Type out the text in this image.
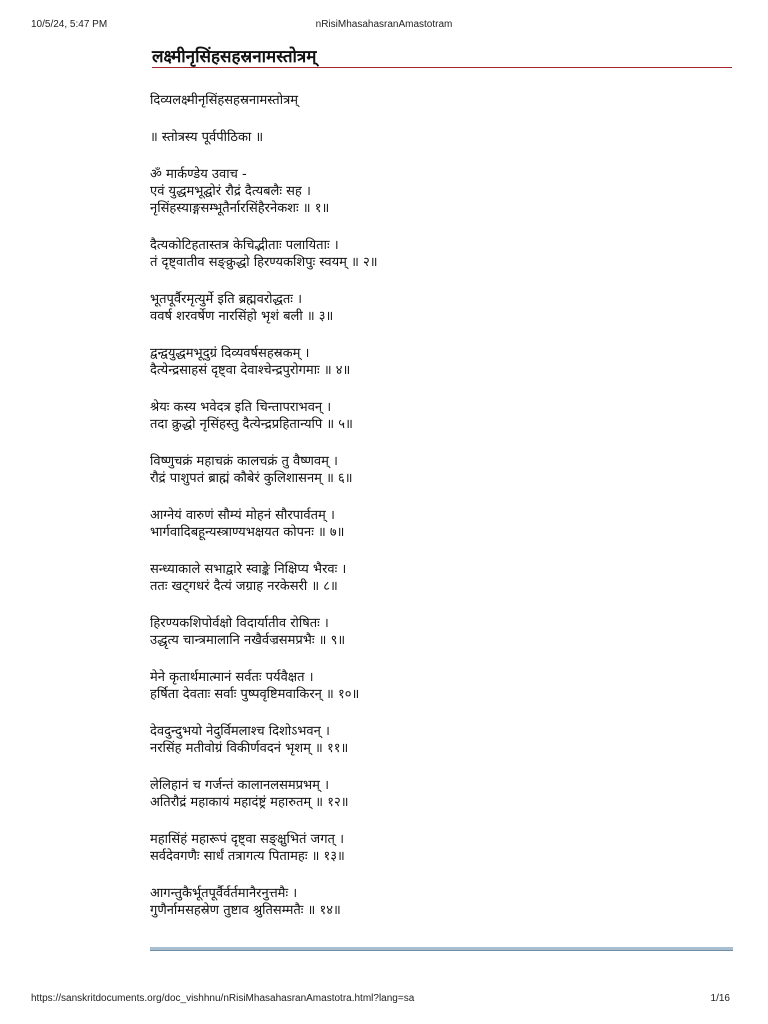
10/5/24, 5:47 PM	nRisiMhasahasranAmastotram
लक्ष्मीनृसिंहसहस्रनामस्तोत्रम्

दिव्यलक्ष्मीनृसिंहसहस्रनामस्तोत्रम्

॥ स्तोत्रस्य पूर्वपीठिका ॥

ॐ मार्कण्डेय उवाच -
एवं युद्धमभूद्घोरं रौद्रं दैत्यबलैः सह ।
नृसिंहस्याङ्गसम्भूतैर्नारसिंहैरनेकशः ॥ १॥

दैत्यकोटिहतास्तत्र केचिद्भीताः पलायिताः ।
तं दृष्ट्वातीव सङ्क्रुद्धो हिरण्यकशिपुः स्वयम् ॥ २॥

भूतपूर्वैरमृत्युर्मे इति ब्रह्मवरोद्धतः ।
ववर्ष शरवर्षेण नारसिंहो भृशं बली ॥ ३॥

द्वन्द्वयुद्धमभूदुग्रं दिव्यवर्षसहस्रकम् ।
दैत्येन्द्रसाहसं दृष्ट्वा देवाश्चेन्द्रपुरोगमाः ॥ ४॥

श्रेयः कस्य भवेदत्र इति चिन्तापराभवन् ।
तदा क्रुद्धो नृसिंहस्तु दैत्येन्द्रप्रहितान्यपि ॥ ५॥

विष्णुचक्रं महाचक्रं कालचक्रं तु वैष्णवम् ।
रौद्रं पाशुपतं ब्राह्मं कौबेरं कुलिशासनम् ॥ ६॥

आग्नेयं वारुणं सौम्यं मोहनं सौरपार्वतम् ।
भार्गवादिबहून्यस्त्राण्यभक्षयत कोपनः ॥ ७॥

सन्ध्याकाले सभाद्वारे स्वाङ्के निक्षिप्य भैरवः ।
ततः खट्गधरं दैत्यं जग्राह नरकेसरी ॥ ८॥

हिरण्यकशिपोर्वक्षो विदार्यातीव रोषितः ।
उद्धृत्य चान्त्रमालानि नखैर्वज्रसमप्रभैः ॥ ९॥

मेने कृतार्थमात्मानं सर्वतः पर्यवैक्षत ।
हर्षिता देवताः सर्वाः पुष्पवृष्टिमवाकिरन् ॥ १०॥

देवदुन्दुभयो नेदुर्विमलाश्च दिशोऽभवन् ।
नरसिंह मतीवोग्रं विकीर्णवदनं भृशम् ॥ ११॥

लेलिहानं च गर्जन्तं कालानलसमप्रभम् ।
अतिरौद्रं महाकायं महादंष्ट्रं महारुतम् ॥ १२॥

महासिंहं महारूपं दृष्ट्वा सङ्क्षुभितं जगत् ।
सर्वदेवगणैः सार्धं तत्रागत्य पितामहः ॥ १३॥

आगन्तुकैर्भूतपूर्वैर्वर्तमानैरनुत्तमैः ।
गुणैर्नामसहस्रेण तुष्टाव श्रुतिसम्मतैः ॥ १४॥

https://sanskritdocuments.org/doc_vishhnu/nRisiMhasahasranAmastotra.html?lang=sa	1/16
